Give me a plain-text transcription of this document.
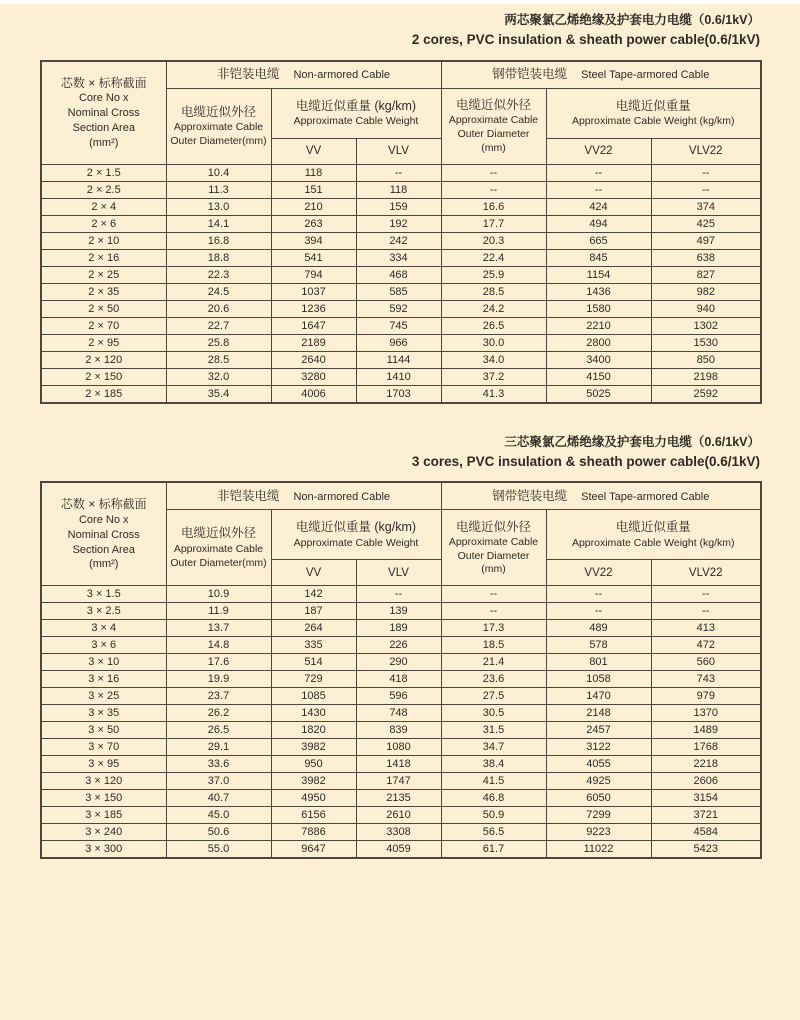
两芯聚氯乙烯绝缘及护套电力电缆（0.6/1kV）
2 cores, PVC insulation & sheath power cable(0.6/1kV)
芯数 × 标称截面
Core No x
Nominal Cross
Section Area
(mm²)	非铠装电缆 Non-armored Cable			钢带铠装电缆 Steel Tape-armored Cable		

	电缆近似外径
Approximate Cable
Outer Diameter(mm)	电缆近似重量 (kg/km)
Approximate Cable Weight		电缆近似外径
Approximate Cable
Outer Diameter
(mm)	电缆近似重量
Approximate Cable Weight (kg/km)	

		VV	VLV		VV22	VLV22
2 × 1.5	10.4	118	--	--	--	--
2 × 2.5	11.3	151	118	--	--	--
2 × 4	13.0	210	159	16.6	424	374
2 × 6	14.1	263	192	17.7	494	425
2 × 10	16.8	394	242	20.3	665	497
2 × 16	18.8	541	334	22.4	845	638
2 × 25	22.3	794	468	25.9	1154	827
2 × 35	24.5	1037	585	28.5	1436	982
2 × 50	20.6	1236	592	24.2	1580	940
2 × 70	22.7	1647	745	26.5	2210	1302
2 × 95	25.8	2189	966	30.0	2800	1530
2 × 120	28.5	2640	1144	34.0	3400	850
2 × 150	32.0	3280	1410	37.2	4150	2198
2 × 185	35.4	4006	1703	41.3	5025	2592
三芯聚氯乙烯绝缘及护套电力电缆（0.6/1kV）
3 cores, PVC insulation & sheath power cable(0.6/1kV)
芯数 × 标称截面
Core No x
Nominal Cross
Section Area
(mm²)	非铠装电缆 Non-armored Cable			钢带铠装电缆 Steel Tape-armored Cable		

	电缆近似外径
Approximate Cable
Outer Diameter(mm)	电缆近似重量 (kg/km)
Approximate Cable Weight		电缆近似外径
Approximate Cable
Outer Diameter
(mm)	电缆近似重量
Approximate Cable Weight (kg/km)	

		VV	VLV		VV22	VLV22
3 × 1.5	10.9	142	--	--	--	--
3 × 2.5	11.9	187	139	--	--	--
3 × 4	13.7	264	189	17.3	489	413
3 × 6	14.8	335	226	18.5	578	472
3 × 10	17.6	514	290	21.4	801	560
3 × 16	19.9	729	418	23.6	1058	743
3 × 25	23.7	1085	596	27.5	1470	979
3 × 35	26.2	1430	748	30.5	2148	1370
3 × 50	26.5	1820	839	31.5	2457	1489
3 × 70	29.1	3982	1080	34.7	3122	1768
3 × 95	33.6	950	1418	38.4	4055	2218
3 × 120	37.0	3982	1747	41.5	4925	2606
3 × 150	40.7	4950	2135	46.8	6050	3154
3 × 185	45.0	6156	2610	50.9	7299	3721
3 × 240	50.6	7886	3308	56.5	9223	4584
3 × 300	55.0	9647	4059	61.7	11022	5423
